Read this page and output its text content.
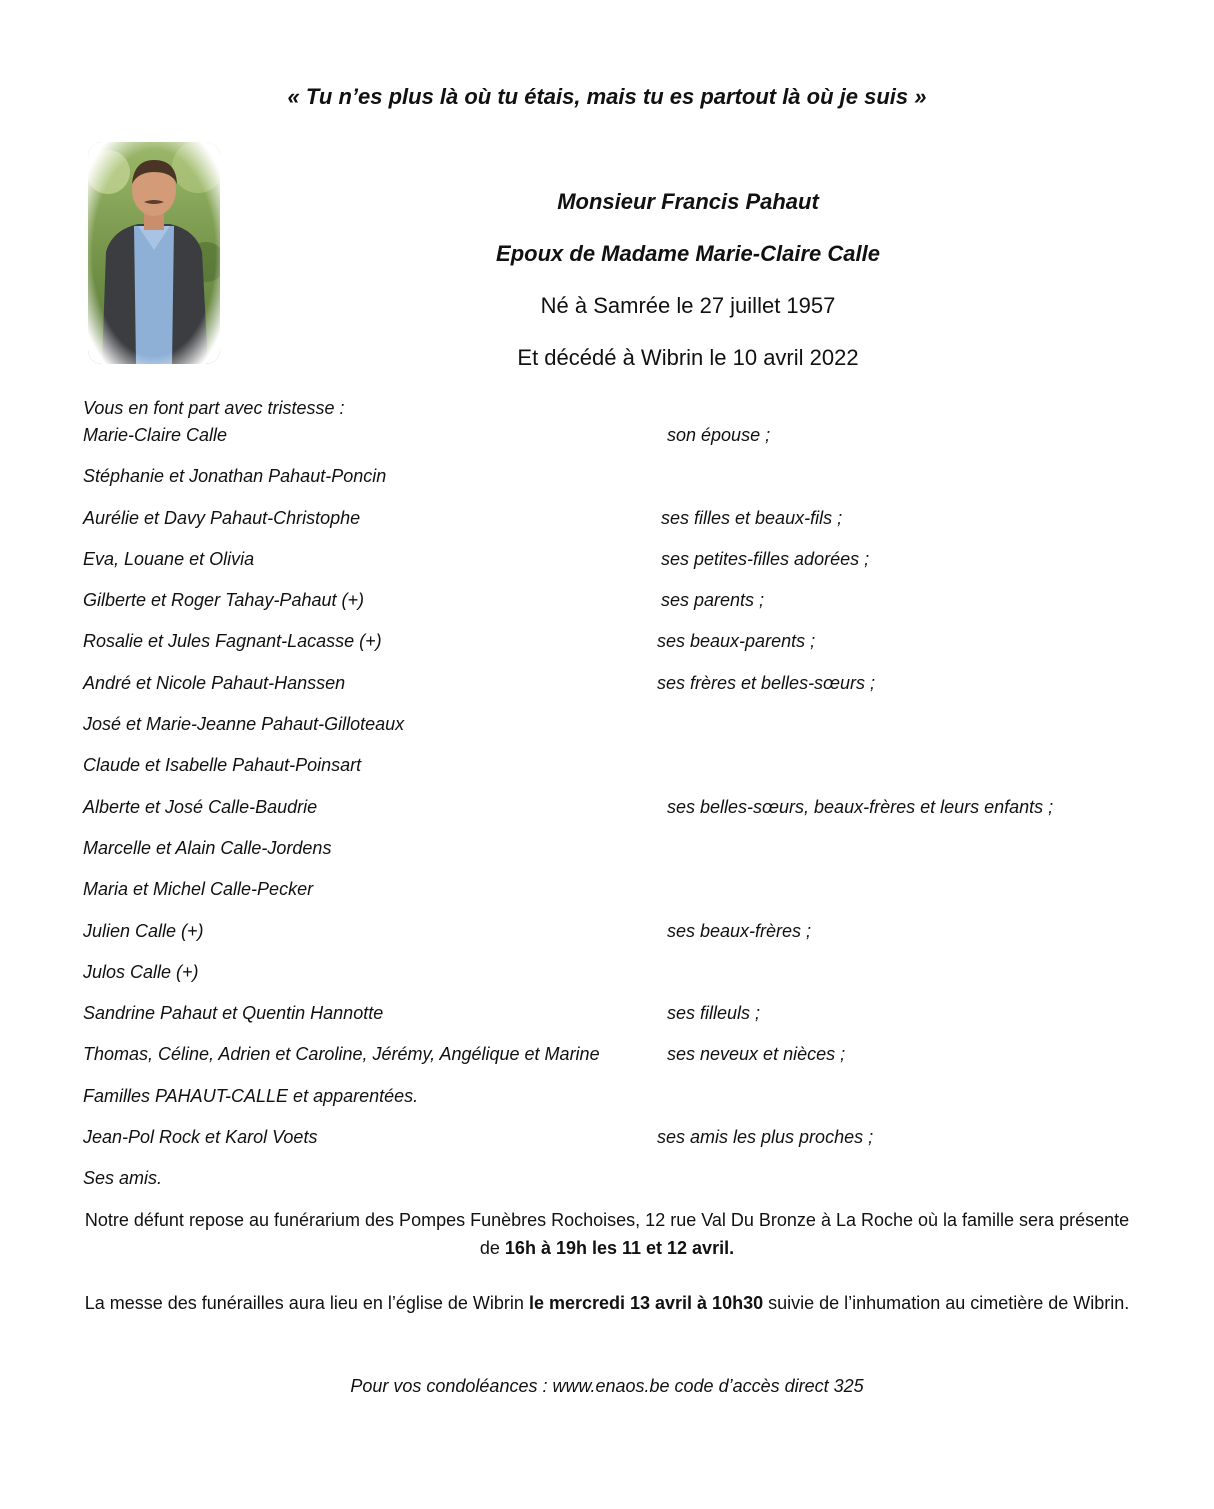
« Tu n’es plus là où tu étais, mais tu es partout là où je suis »
Monsieur Francis Pahaut
Epoux de Madame Marie-Claire Calle
Né à Samrée le 27 juillet 1957
Et décédé à Wibrin le 10 avril 2022
Vous en font part avec tristesse :
Marie-Claire Calle	son épouse ;
Stéphanie et Jonathan Pahaut-Poncin
Aurélie et Davy Pahaut-Christophe	ses filles et beaux-fils ;
Eva, Louane et Olivia	ses petites-filles adorées ;
Gilberte et Roger Tahay-Pahaut (+)	ses parents ;
Rosalie et Jules Fagnant-Lacasse (+)	ses beaux-parents ;
André et Nicole Pahaut-Hanssen	ses frères et belles-sœurs ;
José et Marie-Jeanne Pahaut-Gilloteaux
Claude et Isabelle Pahaut-Poinsart
Alberte et José Calle-Baudrie	ses belles-sœurs, beaux-frères et leurs enfants ;
Marcelle et Alain Calle-Jordens
Maria et Michel Calle-Pecker
Julien Calle (+)	ses beaux-frères ;
Julos Calle (+)
Sandrine Pahaut et Quentin Hannotte	ses filleuls ;
Thomas, Céline, Adrien et Caroline, Jérémy, Angélique et Marine	ses neveux et nièces ;
Familles PAHAUT-CALLE et apparentées.
Jean-Pol Rock et Karol Voets	ses amis les plus proches ;
Ses amis.
Notre défunt repose au funérarium des Pompes Funèbres Rochoises, 12 rue Val Du Bronze à La Roche où la famille sera présente de 16h à 19h les 11 et 12 avril.
La messe des funérailles aura lieu en l’église de Wibrin le mercredi 13 avril à 10h30 suivie de l’inhumation au cimetière de Wibrin.
Pour vos condoléances : www.enaos.be code d’accès direct 325
